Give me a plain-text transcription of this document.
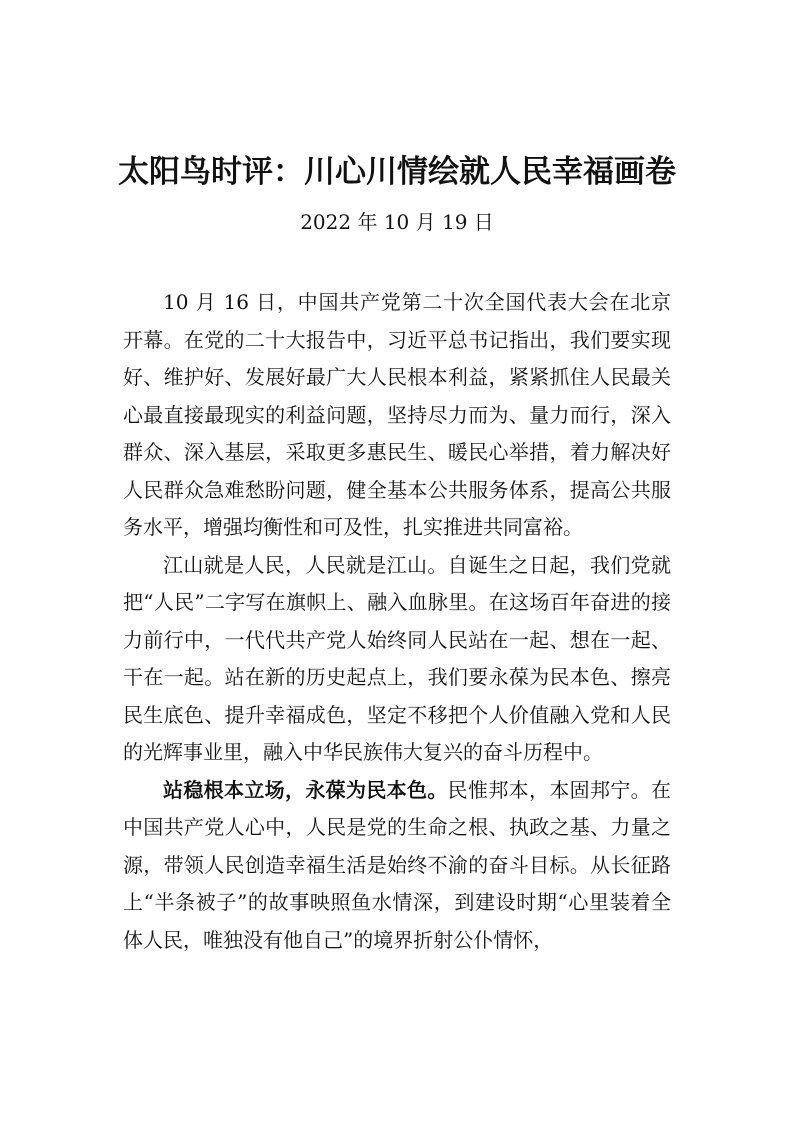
太阳鸟时评：川心川情绘就人民幸福画卷
2022 年 10 月 19 日

10 月 16 日，中国共产党第二十次全国代表大会在北京开幕。在党的二十大报告中，习近平总书记指出，我们要实现好、维护好、发展好最广大人民根本利益，紧紧抓住人民最关心最直接最现实的利益问题，坚持尽力而为、量力而行，深入群众、深入基层，采取更多惠民生、暖民心举措，着力解决好人民群众急难愁盼问题，健全基本公共服务体系，提高公共服务水平，增强均衡性和可及性，扎实推进共同富裕。

江山就是人民，人民就是江山。自诞生之日起，我们党就把“人民”二字写在旗帜上、融入血脉里。在这场百年奋进的接力前行中，一代代共产党人始终同人民站在一起、想在一起、干在一起。站在新的历史起点上，我们要永葆为民本色、擦亮民生底色、提升幸福成色，坚定不移把个人价值融入党和人民的光辉事业里，融入中华民族伟大复兴的奋斗历程中。

站稳根本立场，永葆为民本色。民惟邦本，本固邦宁。在中国共产党人心中，人民是党的生命之根、执政之基、力量之源，带领人民创造幸福生活是始终不渝的奋斗目标。从长征路上“半条被子”的故事映照鱼水情深，到建设时期“心里装着全体人民，唯独没有他自己”的境界折射公仆情怀，
